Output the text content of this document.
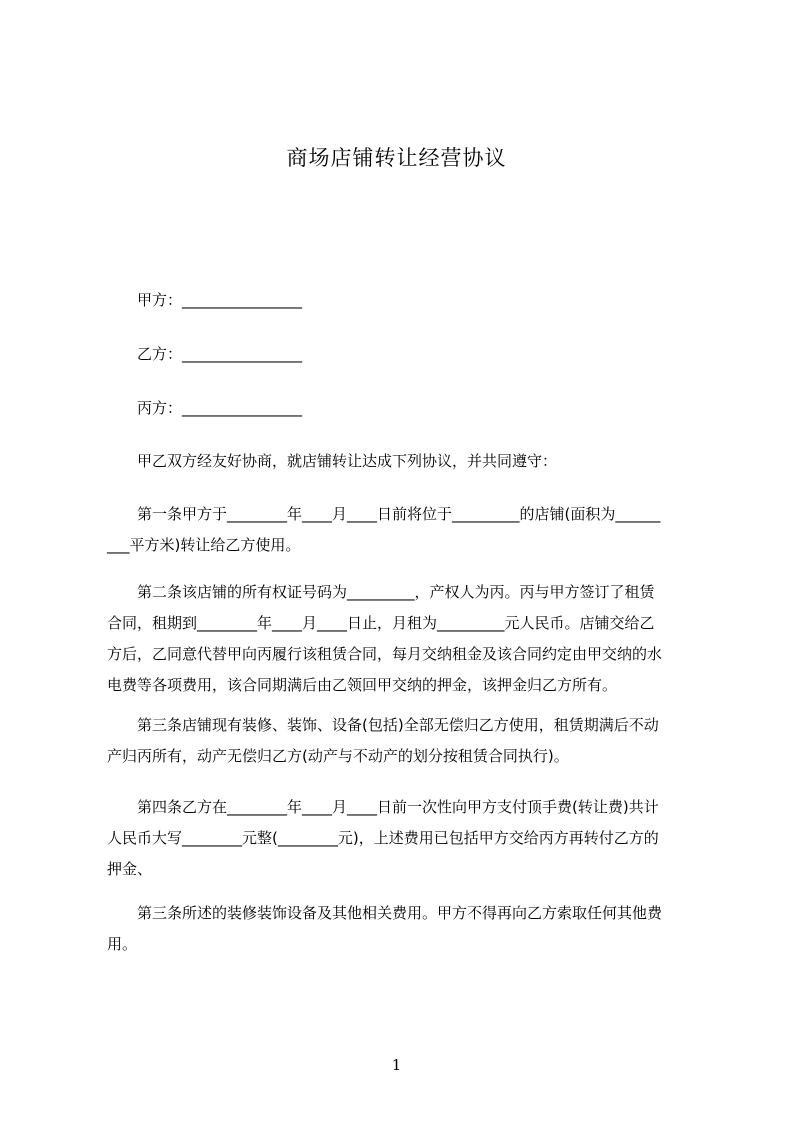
商场店铺转让经营协议
甲方：________________
乙方：________________
丙方：________________
甲乙双方经友好协商，就店铺转让达成下列协议，并共同遵守：
第一条甲方于________年____月____日前将位于_________的店铺(面积为______
___平方米)转让给乙方使用。
第二条该店铺的所有权证号码为_________，产权人为丙。丙与甲方签订了租赁
合同，租期到________年____月____日止，月租为_________元人民币。店铺交给乙
方后，乙同意代替甲向丙履行该租赁合同，每月交纳租金及该合同约定由甲交纳的水
电费等各项费用，该合同期满后由乙领回甲交纳的押金，该押金归乙方所有。
第三条店铺现有装修、装饰、设备(包括)全部无偿归乙方使用，租赁期满后不动
产归丙所有，动产无偿归乙方(动产与不动产的划分按租赁合同执行)。
第四条乙方在________年____月____日前一次性向甲方支付顶手费(转让费)共计
人民币大写________元整(________元)，上述费用已包括甲方交给丙方再转付乙方的
押金、
第三条所述的装修装饰设备及其他相关费用。甲方不得再向乙方索取任何其他费
用。
1
